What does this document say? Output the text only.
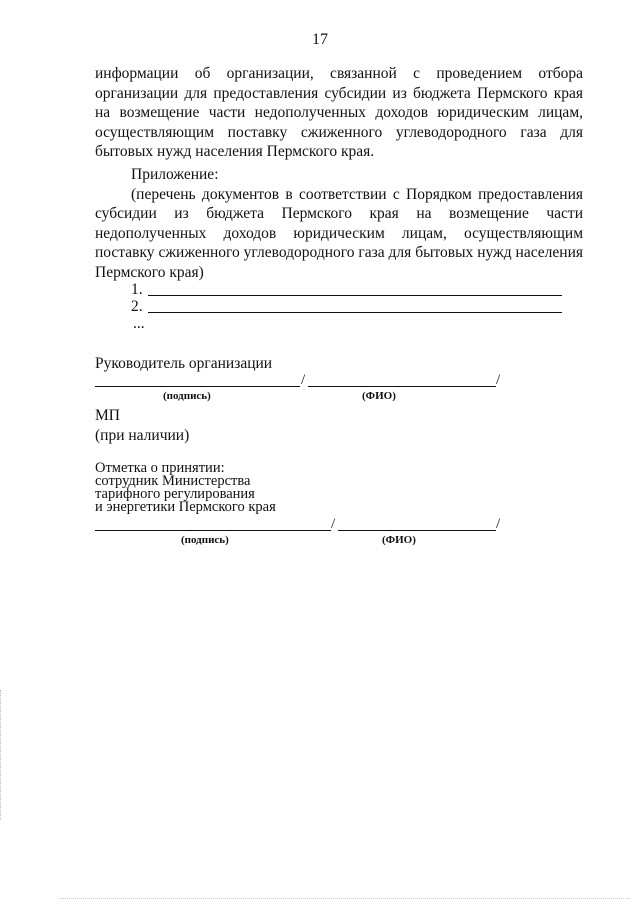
17
информации об организации, связанной с проведением отбора организации для предоставления субсидии из бюджета Пермского края на возмещение части недополученных доходов юридическим лицам, осуществляющим поставку сжиженного углеводородного газа для бытовых нужд населения Пермского края.
Приложение:
(перечень документов в соответствии с Порядком предоставления субсидии из бюджета Пермского края на возмещение части недополученных доходов юридическим лицам, осуществляющим поставку сжиженного углеводородного газа для бытовых нужд населения Пермского края)
1.
2.
...
Руководитель организации
/	/
(подпись)	(ФИО)
МП
(при наличии)
Отметка о принятии:
сотрудник Министерства
тарифного регулирования
и энергетики Пермского края
/	/
(подпись)	(ФИО)
